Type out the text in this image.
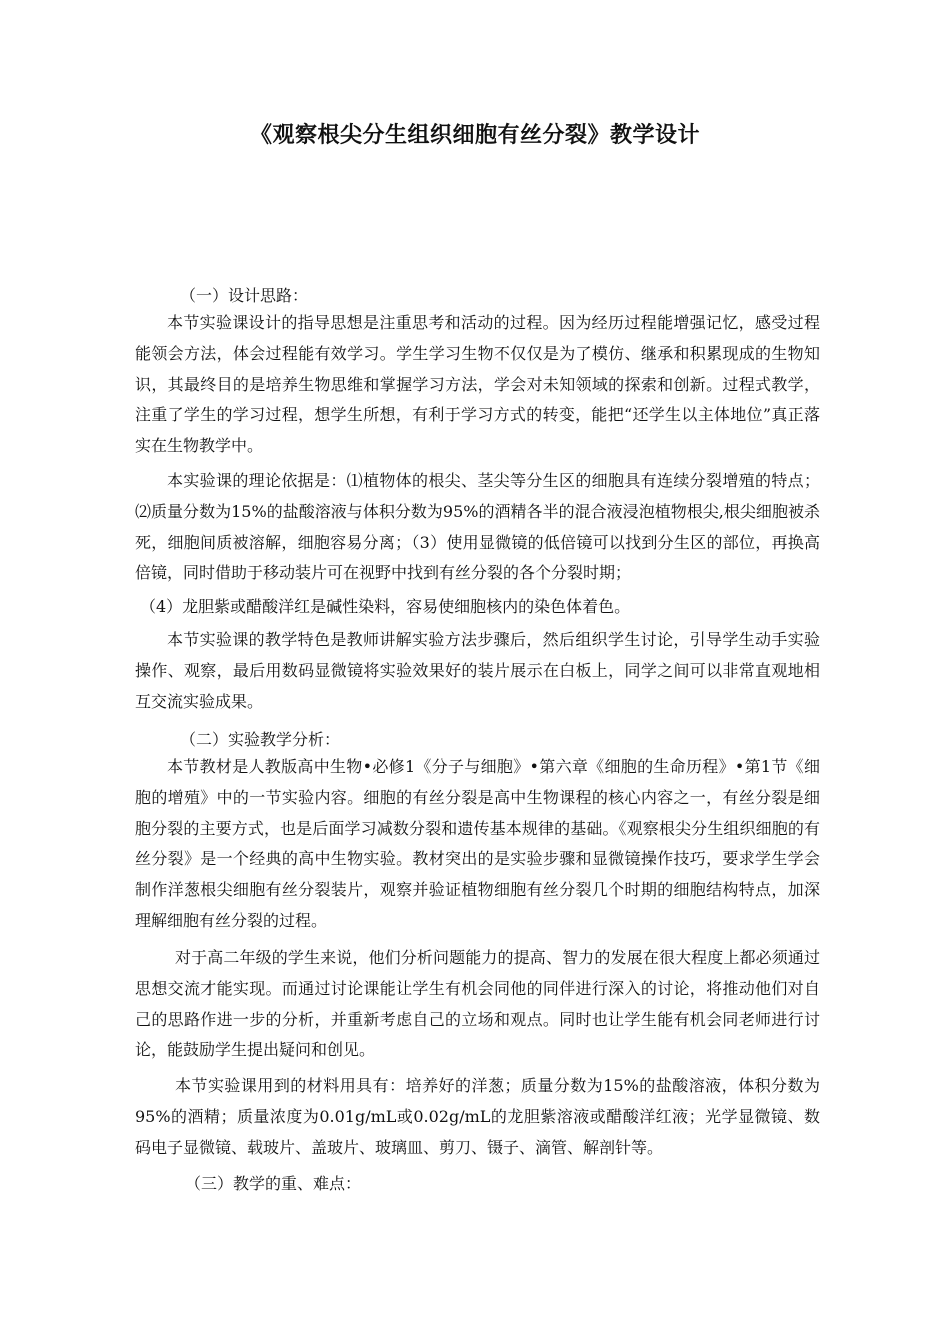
《观察根尖分生组织细胞有丝分裂》教学设计

（一）设计思路：

本节实验课设计的指导思想是注重思考和活动的过程。因为经历过程能增强记忆，感受过程能领会方法，体会过程能有效学习。学生学习生物不仅仅是为了模仿、继承和积累现成的生物知识，其最终目的是培养生物思维和掌握学习方法，学会对未知领域的探索和创新。过程式教学，注重了学生的学习过程，想学生所想，有利于学习方式的转变，能把“还学生以主体地位”真正落实在生物教学中。

本实验课的理论依据是：⑴植物体的根尖、茎尖等分生区的细胞具有连续分裂增殖的特点；⑵质量分数为15%的盐酸溶液与体积分数为95%的酒精各半的混合液浸泡植物根尖,根尖细胞被杀死，细胞间质被溶解，细胞容易分离；（3）使用显微镜的低倍镜可以找到分生区的部位，再换高倍镜，同时借助于移动装片可在视野中找到有丝分裂的各个分裂时期；

（4）龙胆紫或醋酸洋红是碱性染料，容易使细胞核内的染色体着色。

本节实验课的教学特色是教师讲解实验方法步骤后，然后组织学生讨论，引导学生动手实验操作、观察，最后用数码显微镜将实验效果好的装片展示在白板上，同学之间可以非常直观地相互交流实验成果。

（二）实验教学分析：

本节教材是人教版高中生物•必修1《分子与细胞》•第六章《细胞的生命历程》•第1节《细胞的增殖》中的一节实验内容。细胞的有丝分裂是高中生物课程的核心内容之一，有丝分裂是细胞分裂的主要方式，也是后面学习减数分裂和遗传基本规律的基础。《观察根尖分生组织细胞的有丝分裂》是一个经典的高中生物实验。教材突出的是实验步骤和显微镜操作技巧，要求学生学会制作洋葱根尖细胞有丝分裂装片，观察并验证植物细胞有丝分裂几个时期的细胞结构特点，加深理解细胞有丝分裂的过程。

对于高二年级的学生来说，他们分析问题能力的提高、智力的发展在很大程度上都必须通过思想交流才能实现。而通过讨论课能让学生有机会同他的同伴进行深入的讨论，将推动他们对自己的思路作进一步的分析，并重新考虑自己的立场和观点。同时也让学生能有机会同老师进行讨论，能鼓励学生提出疑问和创见。

本节实验课用到的材料用具有：培养好的洋葱；质量分数为15%的盐酸溶液，体积分数为95%的酒精；质量浓度为0.01g/mL或0.02g/mL的龙胆紫溶液或醋酸洋红液；光学显微镜、数码电子显微镜、载玻片、盖玻片、玻璃皿、剪刀、镊子、滴管、解剖针等。

（三）教学的重、难点：
